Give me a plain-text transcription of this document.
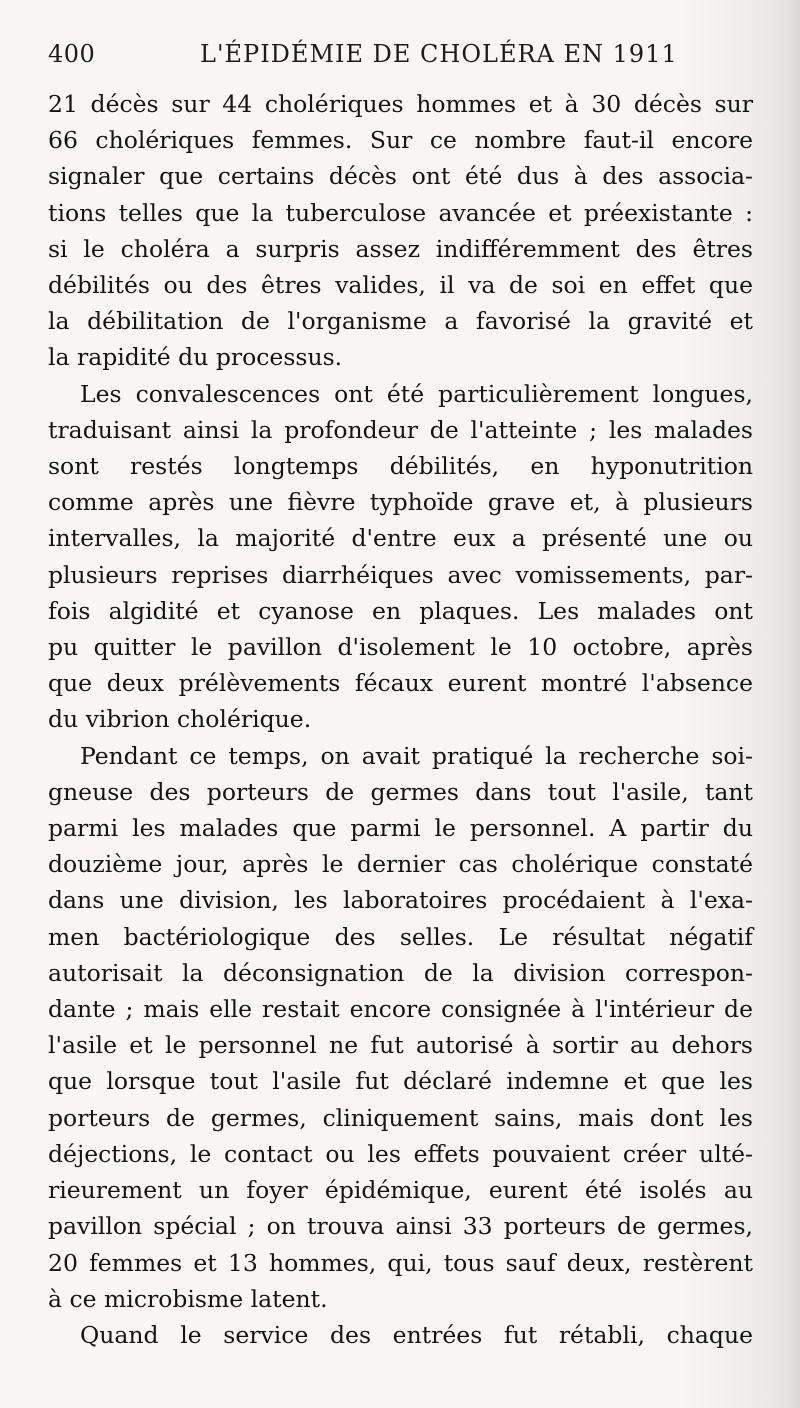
400	L'ÉPIDÉMIE DE CHOLÉRA EN 1911
21 décès sur 44 cholériques hommes et à 30 décès sur
66 cholériques femmes. Sur ce nombre faut-il encore
signaler que certains décès ont été dus à des associa-
tions telles que la tuberculose avancée et préexistante :
si le choléra a surpris assez indifféremment des êtres
débilités ou des êtres valides, il va de soi en effet que
la débilitation de l'organisme a favorisé la gravité et
la rapidité du processus.
Les convalescences ont été particulièrement longues,
traduisant ainsi la profondeur de l'atteinte ; les malades
sont restés longtemps débilités, en hyponutrition
comme après une fièvre typhoïde grave et, à plusieurs
intervalles, la majorité d'entre eux a présenté une ou
plusieurs reprises diarrhéiques avec vomissements, par-
fois algidité et cyanose en plaques. Les malades ont
pu quitter le pavillon d'isolement le 10 octobre, après
que deux prélèvements fécaux eurent montré l'absence
du vibrion cholérique.
Pendant ce temps, on avait pratiqué la recherche soi-
gneuse des porteurs de germes dans tout l'asile, tant
parmi les malades que parmi le personnel. A partir du
douzième jour, après le dernier cas cholérique constaté
dans une division, les laboratoires procédaient à l'exa-
men bactériologique des selles. Le résultat négatif
autorisait la déconsignation de la division correspon-
dante ; mais elle restait encore consignée à l'intérieur de
l'asile et le personnel ne fut autorisé à sortir au dehors
que lorsque tout l'asile fut déclaré indemne et que les
porteurs de germes, cliniquement sains, mais dont les
déjections, le contact ou les effets pouvaient créer ulté-
rieurement un foyer épidémique, eurent été isolés au
pavillon spécial ; on trouva ainsi 33 porteurs de germes,
20 femmes et 13 hommes, qui, tous sauf deux, restèrent
à ce microbisme latent.
Quand le service des entrées fut rétabli, chaque
